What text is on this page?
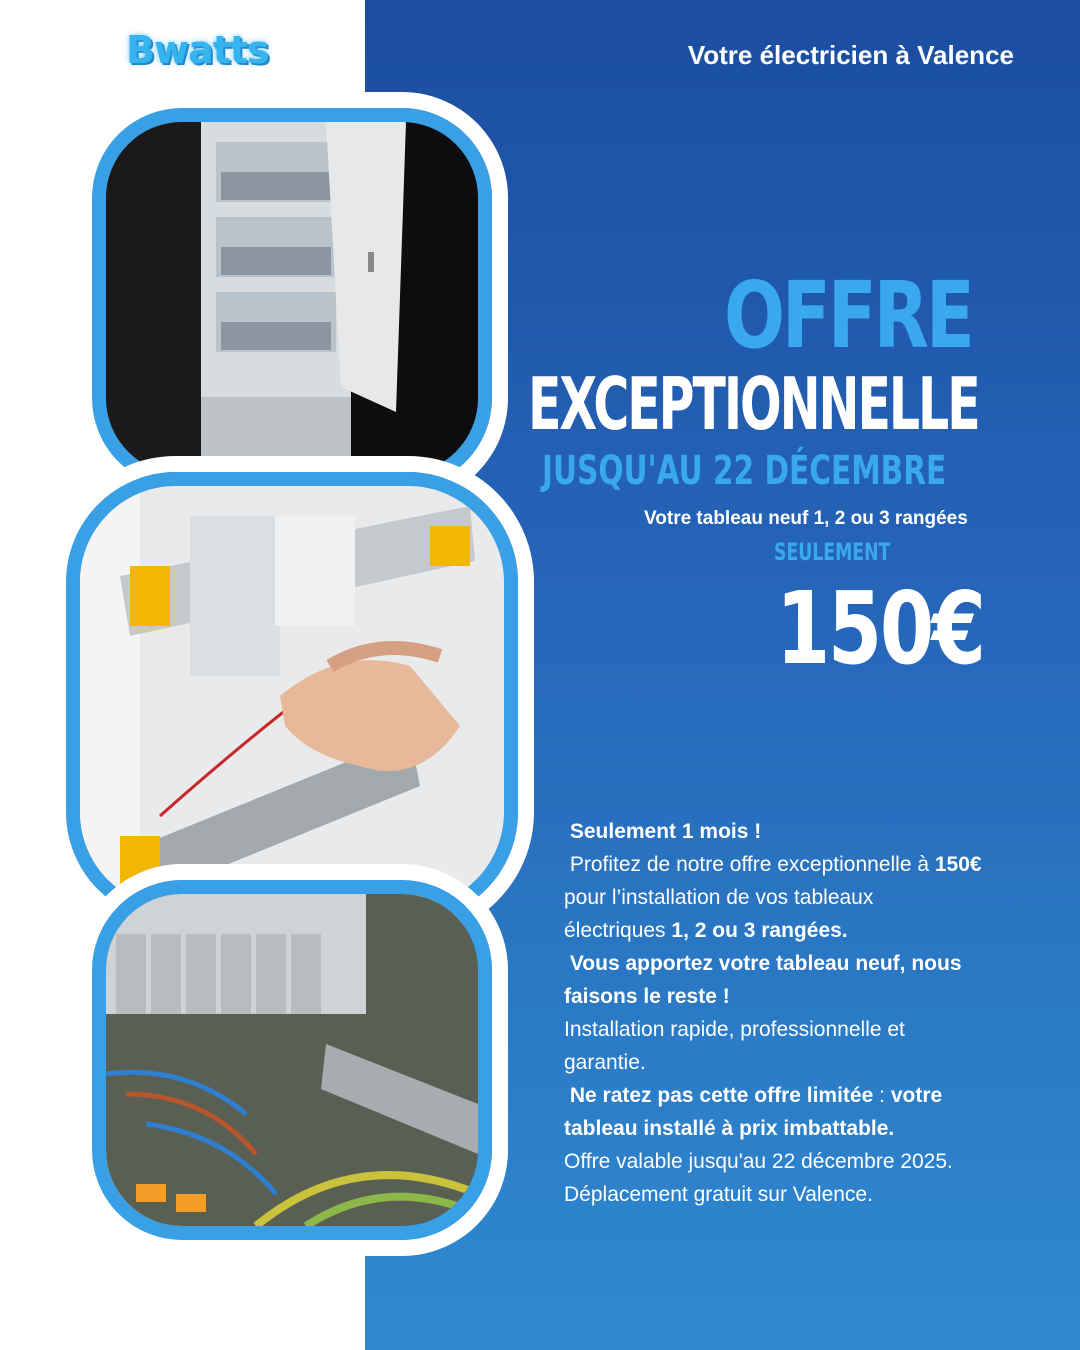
Bwatts	Votre électricien à Valence
OFFRE
EXCEPTIONNELLE
JUSQU'AU 22 DÉCEMBRE
Votre tableau neuf 1, 2 ou 3 rangées
SEULEMENT
150€

Seulement 1 mois !

Profitez de notre offre exceptionnelle à 150€

pour l’installation de vos tableaux

électriques 1, 2 ou 3 rangées.

Vous apportez votre tableau neuf, nous

faisons le reste !

Installation rapide, professionnelle et

garantie.

Ne ratez pas cette offre limitée : votre

tableau installé à prix imbattable.

Offre valable jusqu'au 22 décembre 2025.

Déplacement gratuit sur Valence.
